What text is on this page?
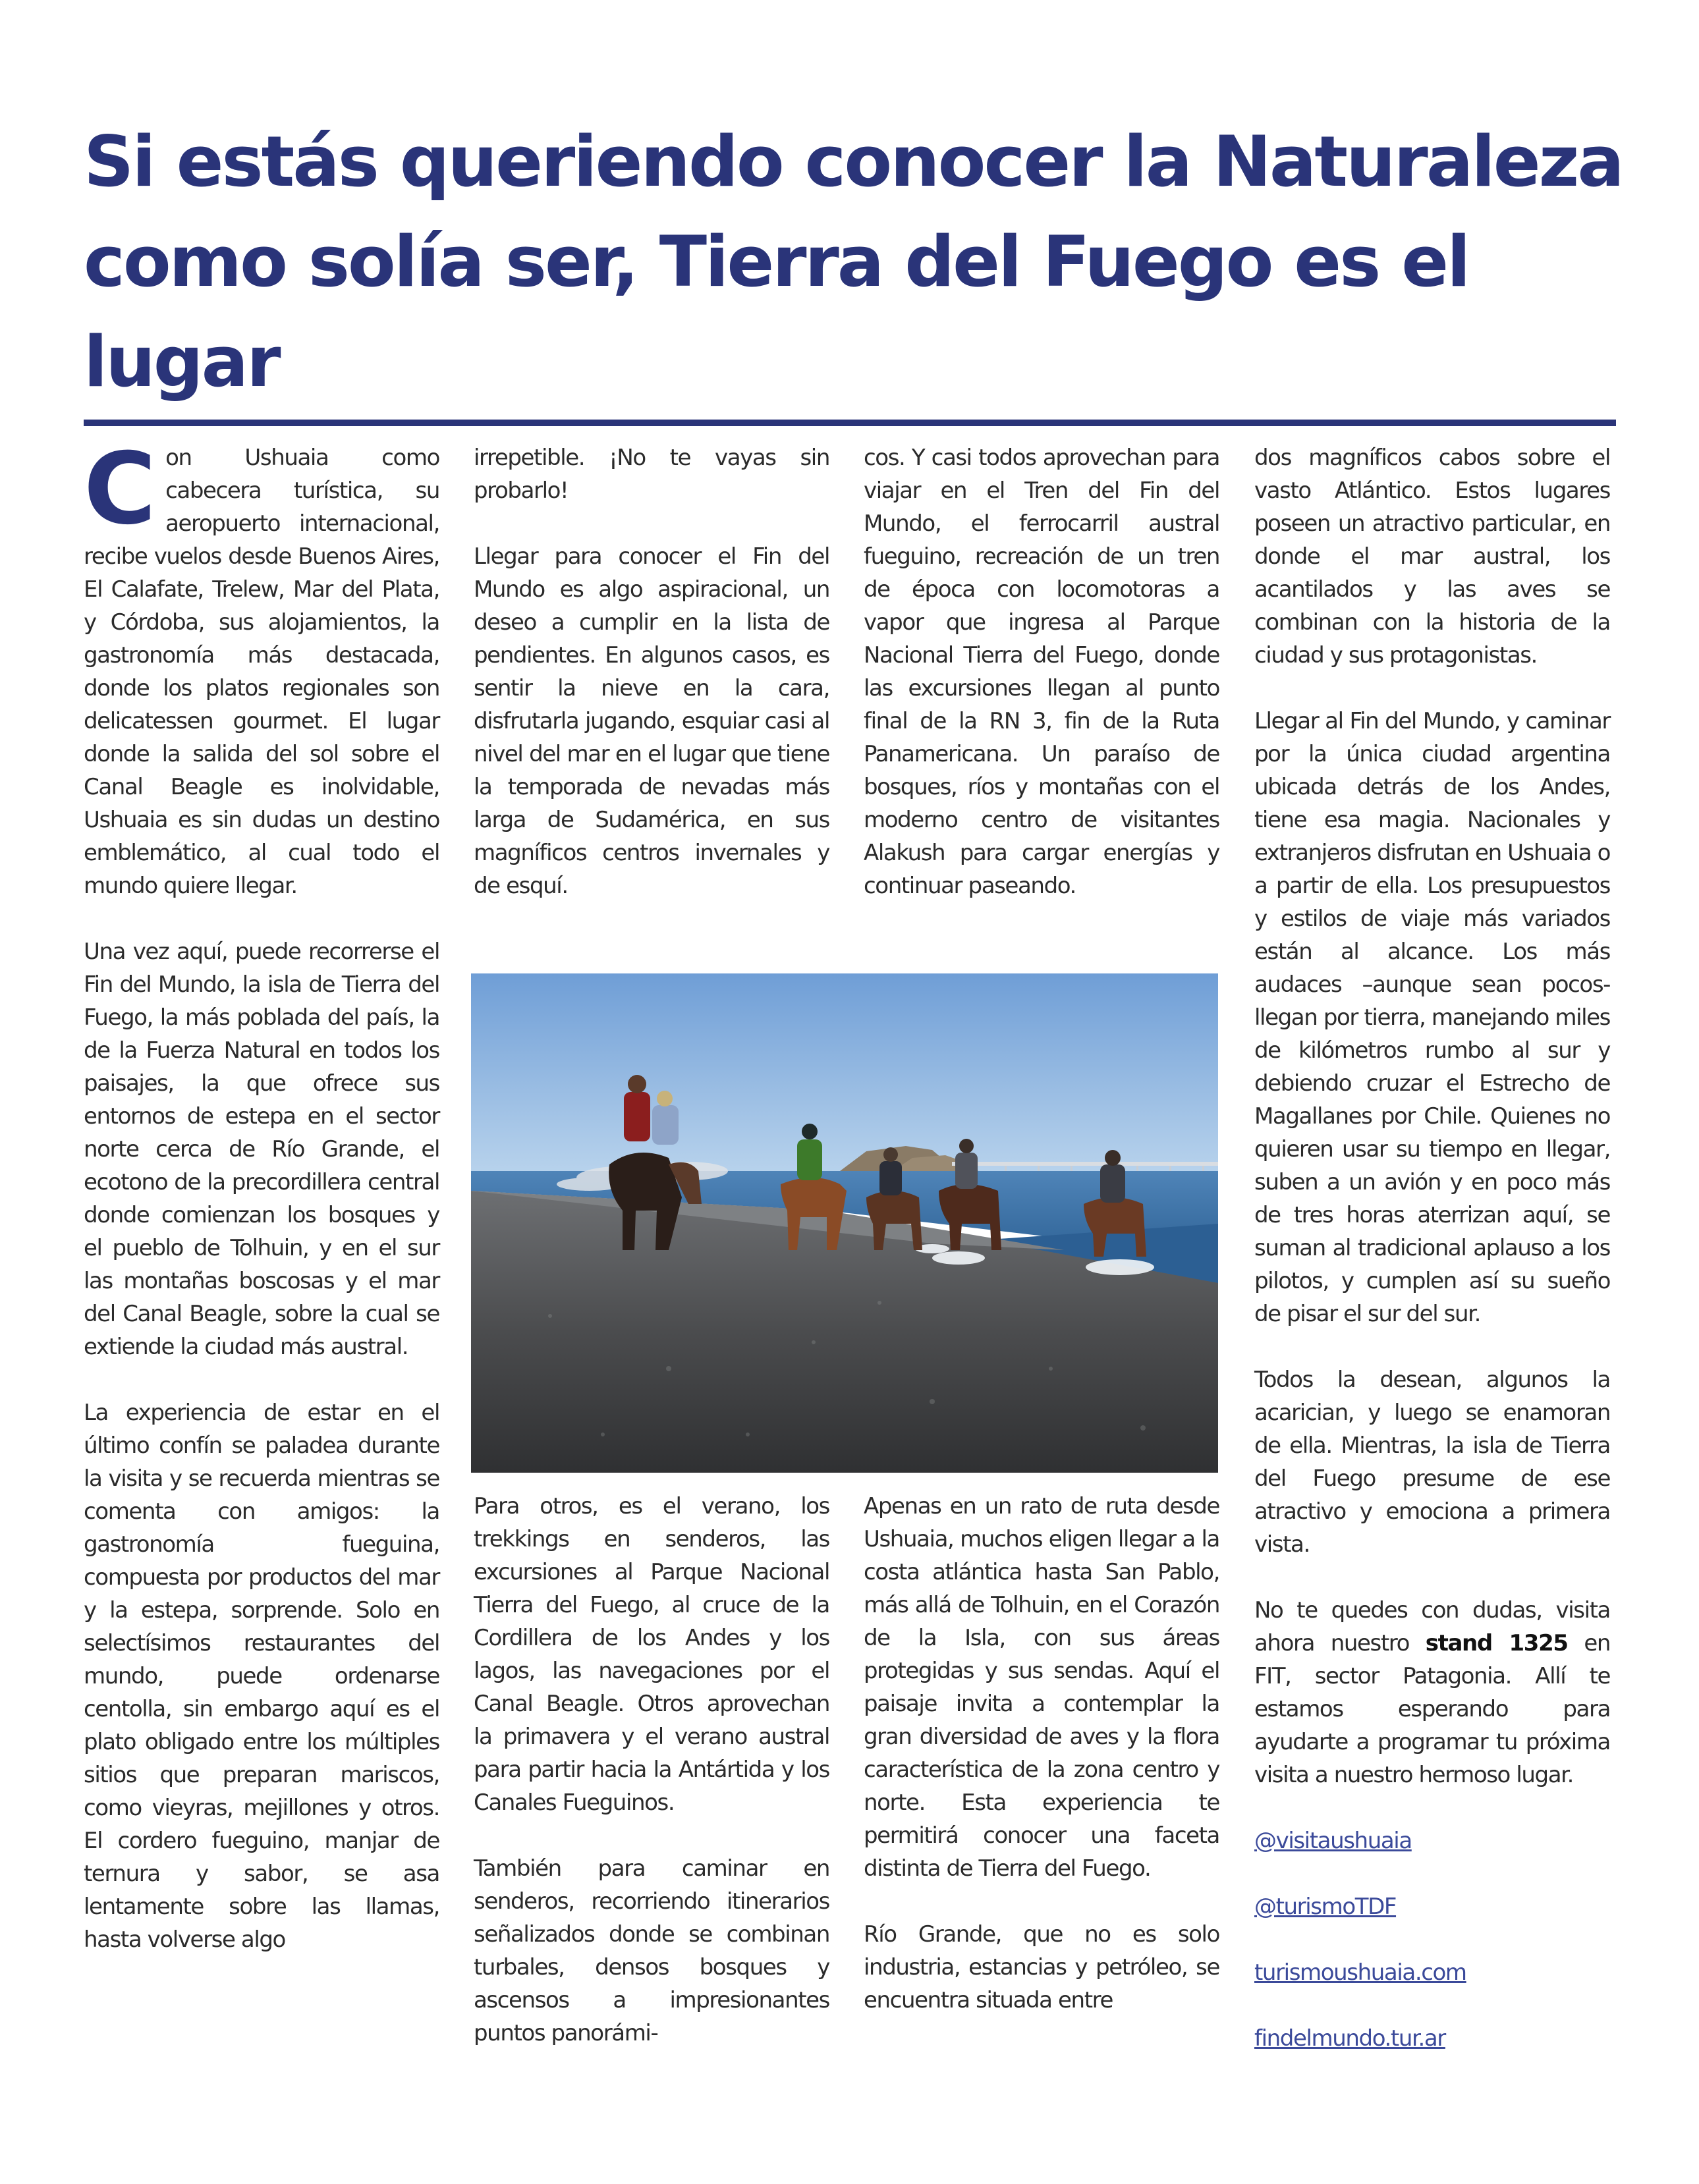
Si estás queriendo conocer la Naturaleza como solía ser, Tierra del Fuego es el lugar

Con Ushuaia como cabecera turística, su aeropuerto internacional, recibe vuelos desde Buenos Aires, El Calafate, Trelew, Mar del Plata, y Córdoba, sus alojamientos, la gastronomía más destacada, donde los platos regionales son delicatessen gourmet. El lugar donde la salida del sol sobre el Canal Beagle es inolvidable, Ushuaia es sin dudas un destino emblemático, al cual todo el mundo quiere llegar.

Una vez aquí, puede recorrerse el Fin del Mundo, la isla de Tierra del Fuego, la más poblada del país, la de la Fuerza Natural en todos los paisajes, la que ofrece sus entornos de estepa en el sector norte cerca de Río Grande, el ecotono de la precordillera central donde comienzan los bosques y el pueblo de Tolhuin, y en el sur las montañas boscosas y el mar del Canal Beagle, sobre la cual se extiende la ciudad más austral.

La experiencia de estar en el último confín se paladea durante la visita y se recuerda mientras se comenta con amigos: la gastronomía fueguina, compuesta por productos del mar y la estepa, sorprende. Solo en selectísimos restaurantes del mundo, puede ordenarse centolla, sin embargo aquí es el plato obligado entre los múltiples sitios que preparan mariscos, como vieyras, mejillones y otros. El cordero fueguino, manjar de ternura y sabor, se asa lentamente sobre las llamas, hasta volverse algo

irrepetible. ¡No te vayas sin probarlo!

Llegar para conocer el Fin del Mundo es algo aspiracional, un deseo a cumplir en la lista de pendientes. En algunos casos, es sentir la nieve en la cara, disfrutarla jugando, esquiar casi al nivel del mar en el lugar que tiene la temporada de nevadas más larga de Sudamérica, en sus magníficos centros invernales y de esquí.

cos. Y casi todos aprovechan para viajar en el Tren del Fin del Mundo, el ferrocarril austral fueguino, recreación de un tren de época con locomotoras a vapor que ingresa al Parque Nacional Tierra del Fuego, donde las excursiones llegan al punto final de la RN 3, fin de la Ruta Panamericana. Un paraíso de bosques, ríos y montañas con el moderno centro de visitantes Alakush para cargar energías y continuar paseando.

Para otros, es el verano, los trekkings en senderos, las excursiones al Parque Nacional Tierra del Fuego, al cruce de la Cordillera de los Andes y los lagos, las navegaciones por el Canal Beagle. Otros aprovechan la primavera y el verano austral para partir hacia la Antártida y los Canales Fueguinos.

También para caminar en senderos, recorriendo itinerarios señalizados donde se combinan turbales, densos bosques y ascensos a impresionantes puntos panorámi-

Apenas en un rato de ruta desde Ushuaia, muchos eligen llegar a la costa atlántica hasta San Pablo, más allá de Tolhuin, en el Corazón de la Isla, con sus áreas protegidas y sus sendas. Aquí el paisaje invita a contemplar la gran diversidad de aves y la flora característica de la zona centro y norte. Esta experiencia te permitirá conocer una faceta distinta de Tierra del Fuego.

Río Grande, que no es solo industria, estancias y petróleo, se encuentra situada entre

dos magníficos cabos sobre el vasto Atlántico. Estos lugares poseen un atractivo particular, en donde el mar austral, los acantilados y las aves se combinan con la historia de la ciudad y sus protagonistas.

Llegar al Fin del Mundo, y caminar por la única ciudad argentina ubicada detrás de los Andes, tiene esa magia. Nacionales y extranjeros disfrutan en Ushuaia o a partir de ella. Los presupuestos y estilos de viaje más variados están al alcance. Los más audaces –aunque sean pocos- llegan por tierra, manejando miles de kilómetros rumbo al sur y debiendo cruzar el Estrecho de Magallanes por Chile. Quienes no quieren usar su tiempo en llegar, suben a un avión y en poco más de tres horas aterrizan aquí, se suman al tradicional aplauso a los pilotos, y cumplen así su sueño de pisar el sur del sur.

Todos la desean, algunos la acarician, y luego se enamoran de ella. Mientras, la isla de Tierra del Fuego presume de ese atractivo y emociona a primera vista.

No te quedes con dudas, visita ahora nuestro stand 1325 en FIT, sector Patagonia. Allí te estamos esperando para ayudarte a programar tu próxima visita a nuestro hermoso lugar.

@visitaushuaia

@turismoTDF

turismoushuaia.com

findelmundo.tur.ar
